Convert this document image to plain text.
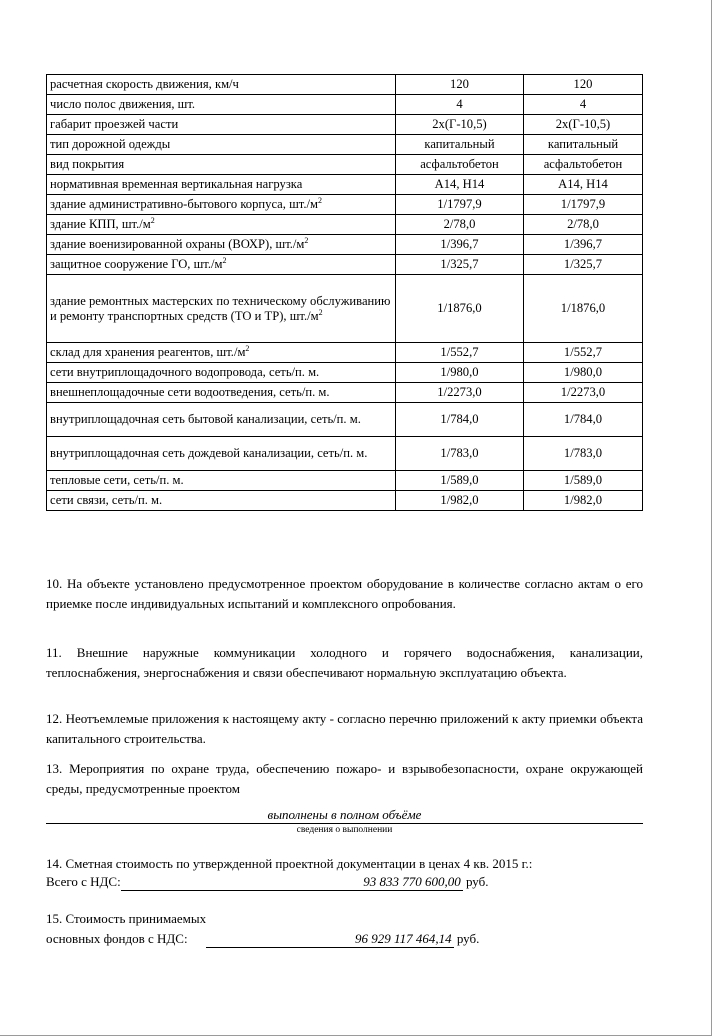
расчетная скорость движения, км/ч	120	120
число полос движения, шт.	4	4
габарит проезжей части	2х(Г-10,5)	2х(Г-10,5)
тип дорожной одежды	капитальный	капитальный
вид покрытия	асфальтобетон	асфальтобетон
нормативная временная вертикальная нагрузка	А14, Н14	А14, Н14
здание административно-бытового корпуса, $шт./м^2$	1/1797,9	1/1797,9
здание КПП, $шт./м^2$	2/78,0	2/78,0
здание военизированной охраны (ВОХР), $шт./м^2$	1/396,7	1/396,7
защитное сооружение ГО, $шт./м^2$	1/325,7	1/325,7
здание ремонтных мастерских по техническому обслуживанию и ремонту транспортных средств (ТО и ТР), $шт./м^2$	1/1876,0	1/1876,0
склад для хранения реагентов, $шт./м^2$	1/552,7	1/552,7
сети внутриплощадочного водопровода, сеть/п. м.	1/980,0	1/980,0
внешнеплощадочные сети водоотведения, сеть/п. м.	1/2273,0	1/2273,0
внутриплощадочная сеть бытовой канализации, сеть/п. м.	1/784,0	1/784,0
внутриплощадочная сеть дождевой канализации, сеть/п. м.	1/783,0	1/783,0
тепловые сети, сеть/п. м.	1/589,0	1/589,0
сети связи, сеть/п. м.	1/982,0	1/982,0
10. На объекте установлено предусмотренное проектом оборудование в количестве согласно актам о его приемке после индивидуальных испытаний и комплексного опробования.
11. Внешние наружные коммуникации холодного и горячего водоснабжения, канализации, теплоснабжения, энергоснабжения и связи обеспечивают нормальную эксплуатацию объекта.
12. Неотъемлемые приложения к настоящему акту - согласно перечню приложений к акту приемки объекта капитального строительства.
13. Мероприятия по охране труда, обеспечению пожаро- и взрывобезопасности, охране окружающей среды, предусмотренные проектом
выполнены в полном объёме
сведения о выполнении
14. Сметная стоимость по утвержденной проектной документации в ценах 4 кв. 2015 г.:
Всего с НДС:	93 833 770 600,00 руб.
15. Стоимость принимаемых
основных фондов с НДС:	96 929 117 464,14 руб.
